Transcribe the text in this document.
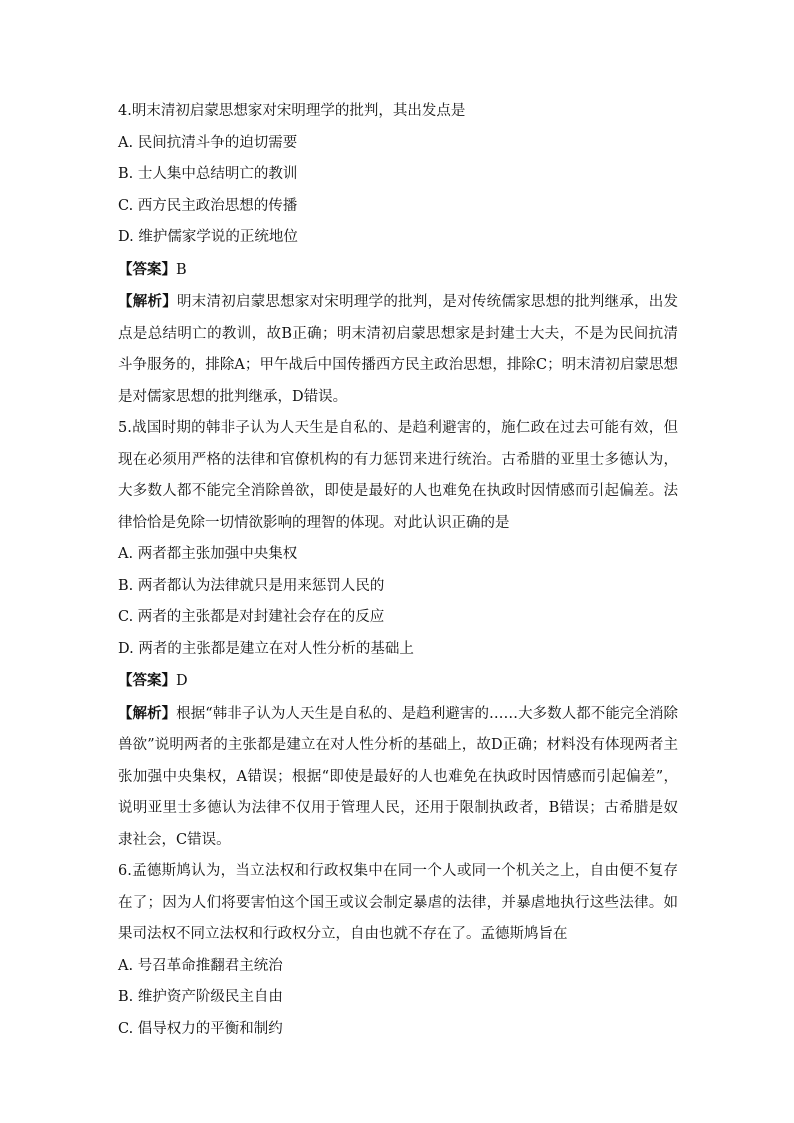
4.明末清初启蒙思想家对宋明理学的批判，其出发点是
A. 民间抗清斗争的迫切需要
B. 士人集中总结明亡的教训
C. 西方民主政治思想的传播
D. 维护儒家学说的正统地位
【答案】B
【解析】明末清初启蒙思想家对宋明理学的批判，是对传统儒家思想的批判继承，出发点是总结明亡的教训，故B正确；明末清初启蒙思想家是封建士大夫，不是为民间抗清斗争服务的，排除A；甲午战后中国传播西方民主政治思想，排除C；明末清初启蒙思想是对儒家思想的批判继承，D错误。
5.战国时期的韩非子认为人天生是自私的、是趋利避害的，施仁政在过去可能有效，但现在必须用严格的法律和官僚机构的有力惩罚来进行统治。古希腊的亚里士多德认为，大多数人都不能完全消除兽欲，即使是最好的人也难免在执政时因情感而引起偏差。法律恰恰是免除一切情欲影响的理智的体现。对此认识正确的是
A. 两者都主张加强中央集权
B. 两者都认为法律就只是用来惩罚人民的
C. 两者的主张都是对封建社会存在的反应
D. 两者的主张都是建立在对人性分析的基础上
【答案】D
【解析】根据“韩非子认为人天生是自私的、是趋利避害的……大多数人都不能完全消除兽欲”说明两者的主张都是建立在对人性分析的基础上，故D正确；材料没有体现两者主张加强中央集权，A错误；根据“即使是最好的人也难免在执政时因情感而引起偏差”，说明亚里士多德认为法律不仅用于管理人民，还用于限制执政者，B错误；古希腊是奴隶社会，C错误。
6.孟德斯鸠认为，当立法权和行政权集中在同一个人或同一个机关之上，自由便不复存在了；因为人们将要害怕这个国王或议会制定暴虐的法律，并暴虐地执行这些法律。如果司法权不同立法权和行政权分立，自由也就不存在了。孟德斯鸠旨在
A. 号召革命推翻君主统治
B. 维护资产阶级民主自由
C. 倡导权力的平衡和制约
